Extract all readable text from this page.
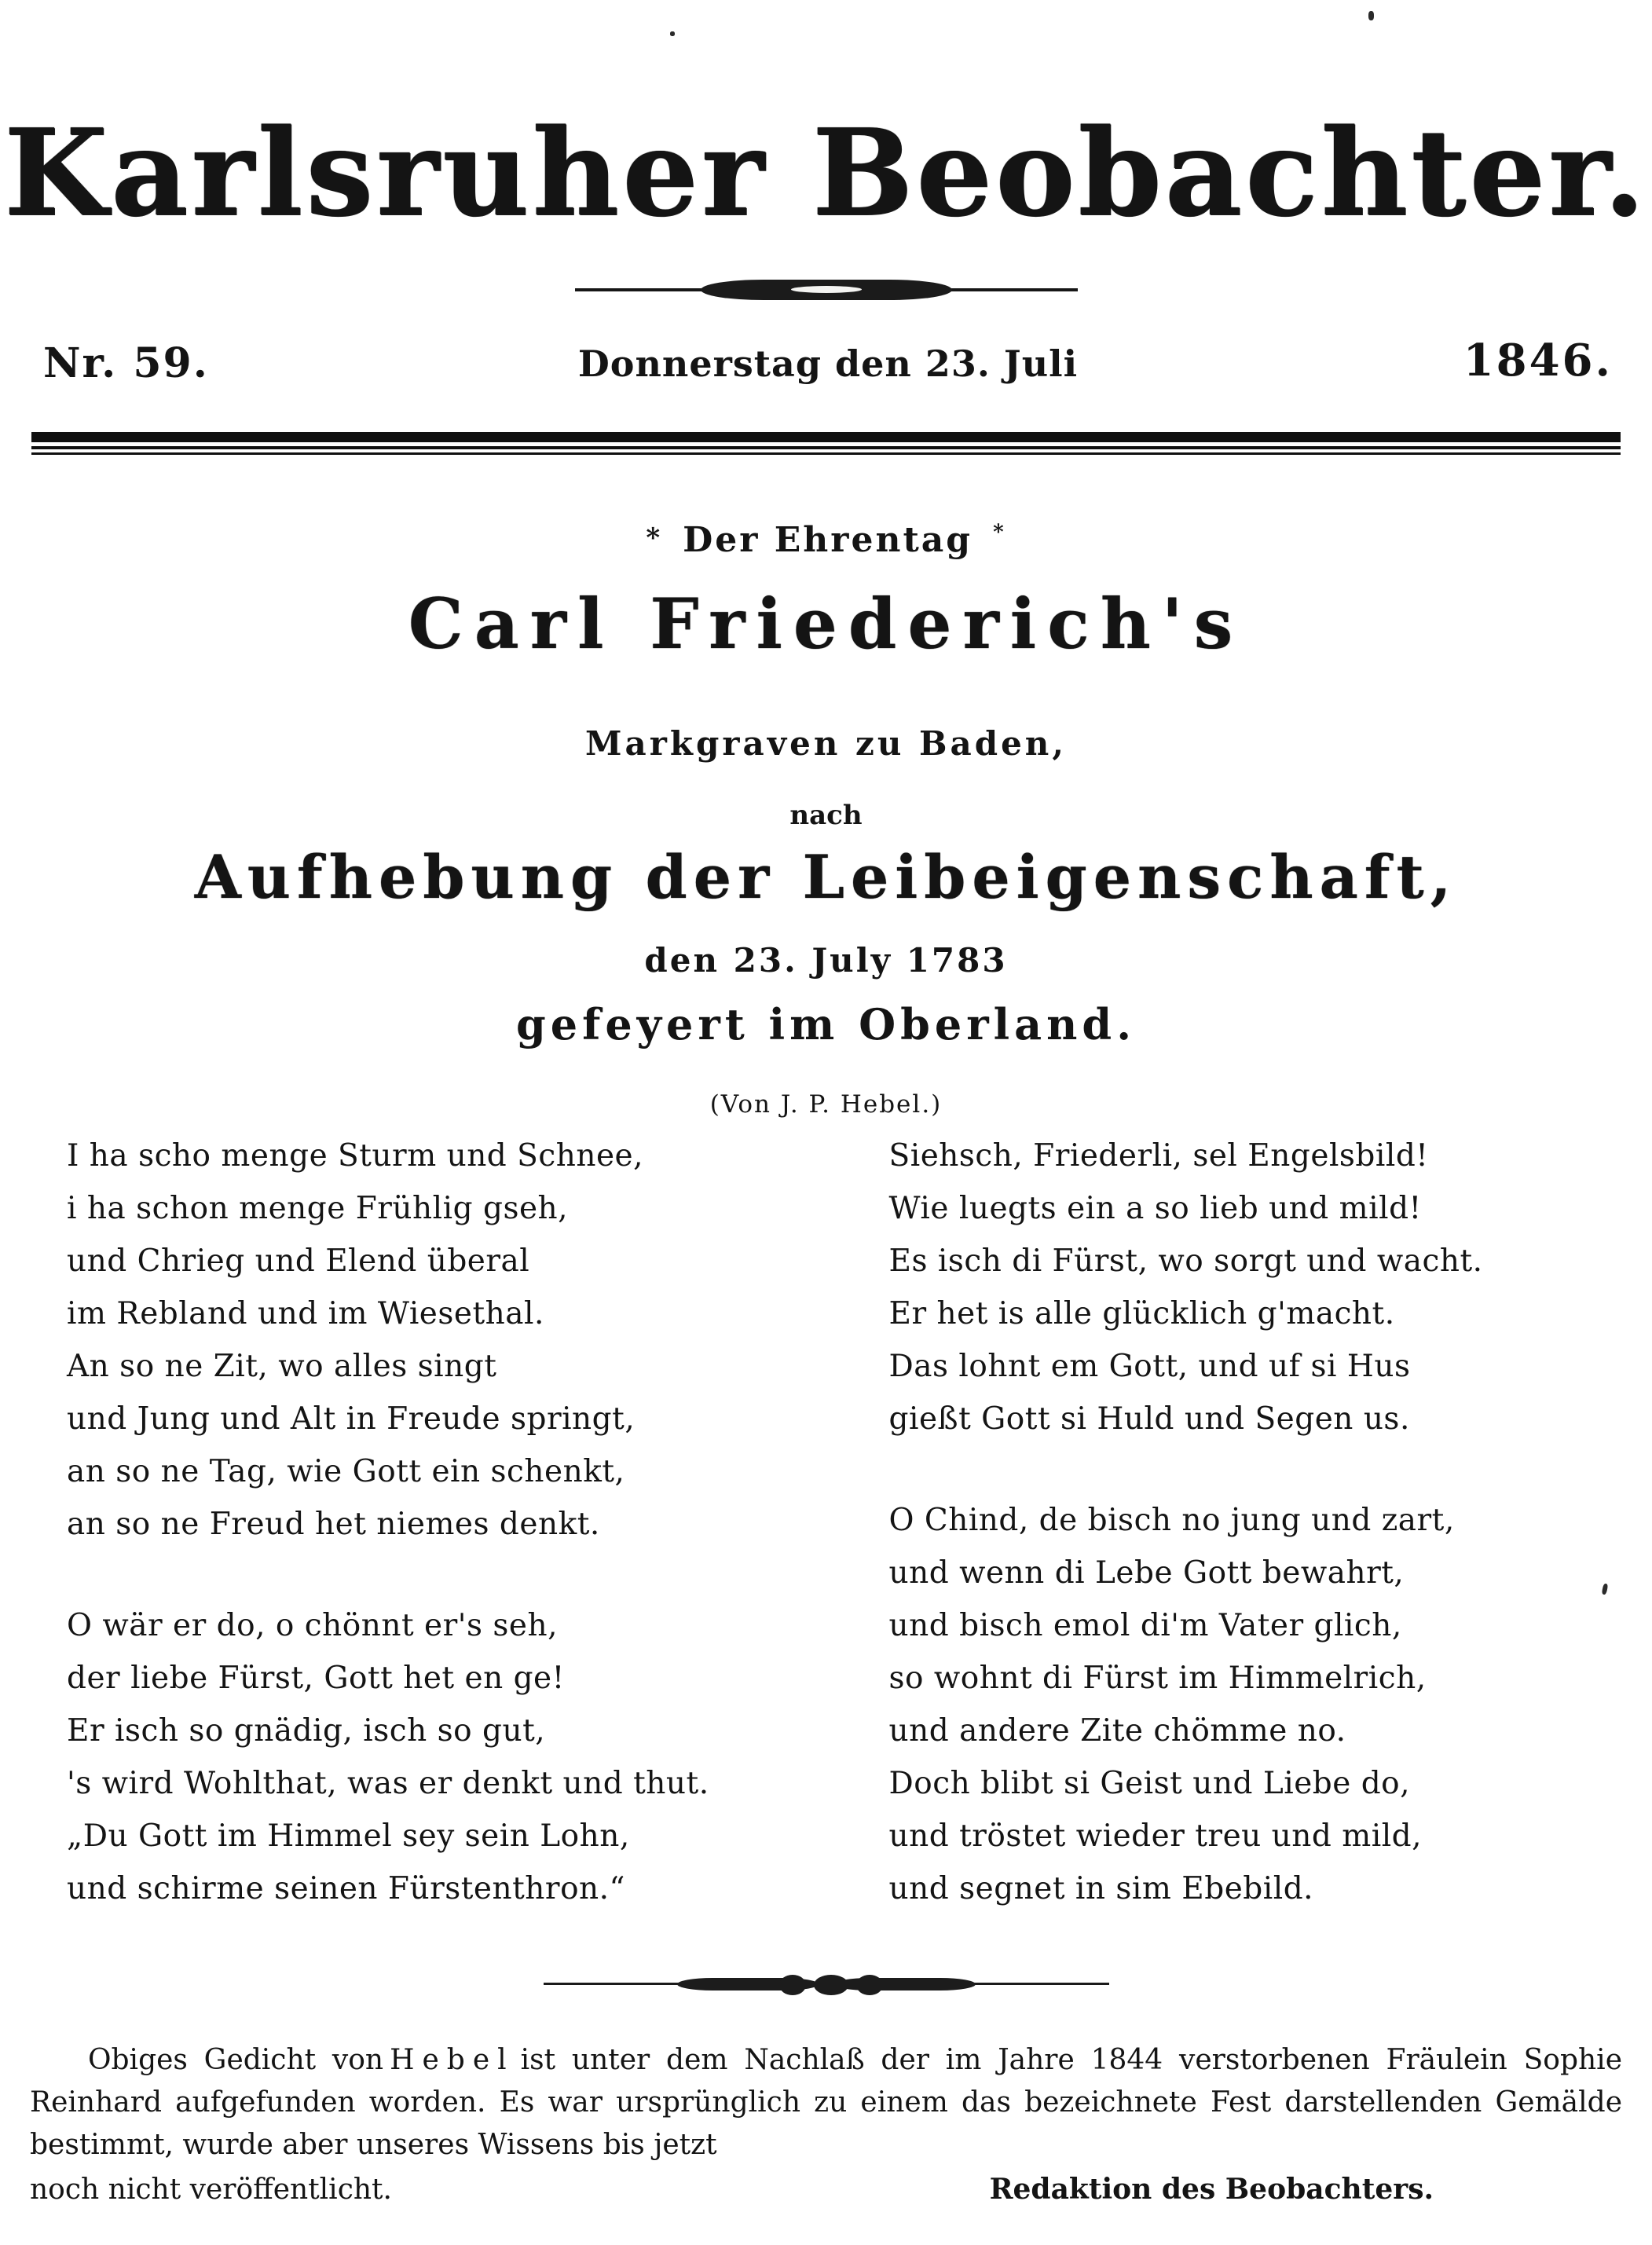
Karlsruher Beobachter.
Nr. 59.	Donnerstag den 23. Juli	1846.
* Der Ehrentag *
Carl Friederich's
Markgraven zu Baden,
nach
Aufhebung der Leibeigenschaft,
den 23. July 1783
gefeyert im Oberland.
(Von J. P. Hebel.)
I ha scho menge Sturm und Schnee,
i ha schon menge Frühlig gseh,
und Chrieg und Elend überal
im Rebland und im Wiesethal.
An so ne Zit, wo alles singt
und Jung und Alt in Freude springt,
an so ne Tag, wie Gott ein schenkt,
an so ne Freud het niemes denkt.
O wär er do, o chönnt er's seh,
der liebe Fürst, Gott het en ge!
Er isch so gnädig, isch so gut,
's wird Wohlthat, was er denkt und thut.
„Du Gott im Himmel sey sein Lohn,
und schirme seinen Fürstenthron.“
Siehsch, Friederli, sel Engelsbild!
Wie luegts ein a so lieb und mild!
Es isch di Fürst, wo sorgt und wacht.
Er het is alle glücklich g'macht.
Das lohnt em Gott, und uf si Hus
gießt Gott si Huld und Segen us.
O Chind, de bisch no jung und zart,
und wenn di Lebe Gott bewahrt,
und bisch emol di'm Vater glich,
so wohnt di Fürst im Himmelrich,
und andere Zite chömme no.
Doch blibt si Geist und Liebe do,
und tröstet wieder treu und mild,
und segnet in sim Ebebild.

Obiges Gedicht von Hebel ist unter dem Nachlaß der im Jahre 1844 verstorbenen Fräulein Sophie Reinhard aufgefunden worden. Es war ursprünglich zu einem das bezeichnete Fest darstellenden Gemälde bestimmt, wurde aber unseres Wissens bis jetzt

noch nicht veröffentlicht.	Redaktion des Beobachters.
